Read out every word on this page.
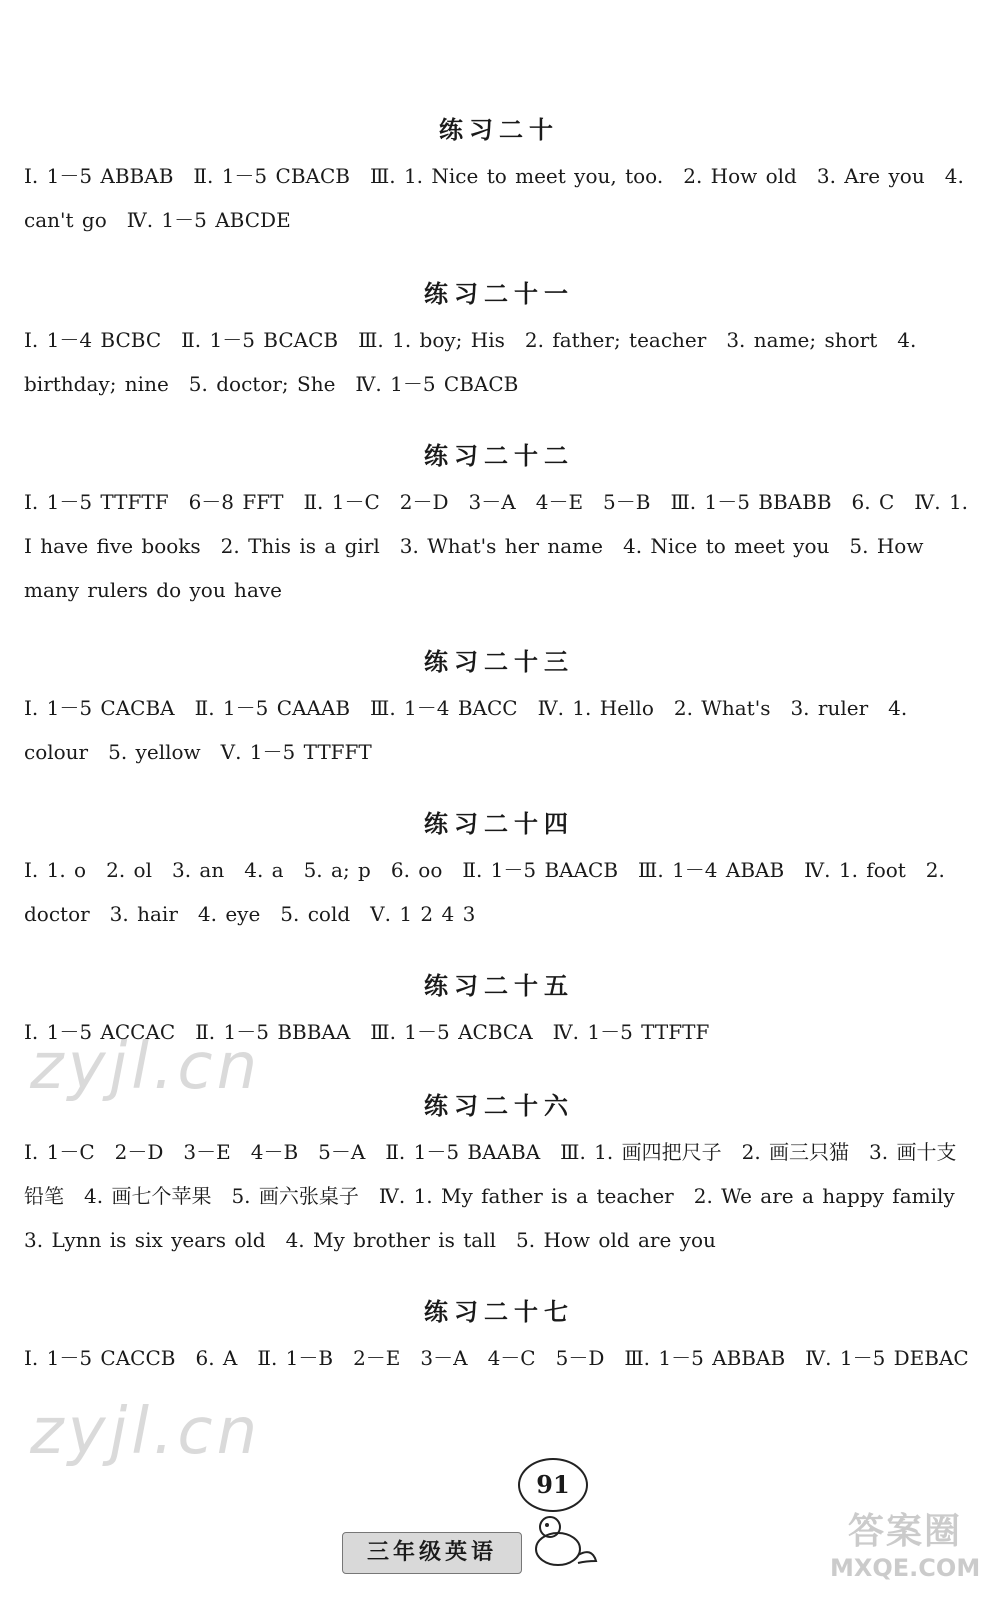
练习二十

Ⅰ. 1－5 ABBAB　Ⅱ. 1－5 CBACB　Ⅲ. 1. Nice to meet you, too.　2. How old　3. Are you　4. can't go　Ⅳ. 1－5 ABCDE

练习二十一

Ⅰ. 1－4 BCBC　Ⅱ. 1－5 BCACB　Ⅲ. 1. boy; His　2. father; teacher　3. name; short　4. birthday; nine　5. doctor; She　Ⅳ. 1－5 CBACB

练习二十二

Ⅰ. 1－5 TTFTF　6－8 FFT　Ⅱ. 1－C　2－D　3－A　4－E　5－B　Ⅲ. 1－5 BBABB　6. C　Ⅳ. 1. I have five books　2. This is a girl　3. What's her name　4. Nice to meet you　5. How many rulers do you have

练习二十三

Ⅰ. 1－5 CACBA　Ⅱ. 1－5 CAAAB　Ⅲ. 1－4 BACC　Ⅳ. 1. Hello　2. What's　3. ruler　4. colour　5. yellow　Ⅴ. 1－5 TTFFT

练习二十四

Ⅰ. 1. o　2. ol　3. an　4. a　5. a; p　6. oo　Ⅱ. 1－5 BAACB　Ⅲ. 1－4 ABAB　Ⅳ. 1. foot　2. doctor　3. hair　4. eye　5. cold　Ⅴ. 1 2 4 3

练习二十五

Ⅰ. 1－5 ACCAC　Ⅱ. 1－5 BBBAA　Ⅲ. 1－5 ACBCA　Ⅳ. 1－5 TTFTF

练习二十六

Ⅰ. 1－C　2－D　3－E　4－B　5－A　Ⅱ. 1－5 BAABA　Ⅲ. 1. 画四把尺子　2. 画三只猫　3. 画十支铅笔　4. 画七个苹果　5. 画六张桌子　Ⅳ. 1. My father is a teacher　2. We are a happy family　3. Lynn is six years old　4. My brother is tall　5. How old are you

练习二十七

Ⅰ. 1－5 CACCB　6. A　Ⅱ. 1－B　2－E　3－A　4－C　5－D　Ⅲ. 1－5 ABBAB　Ⅳ. 1－5 DEBAC

zyjl.cn
zyjl.cn
91
三年级英语
答案圈
MXQE.COM
